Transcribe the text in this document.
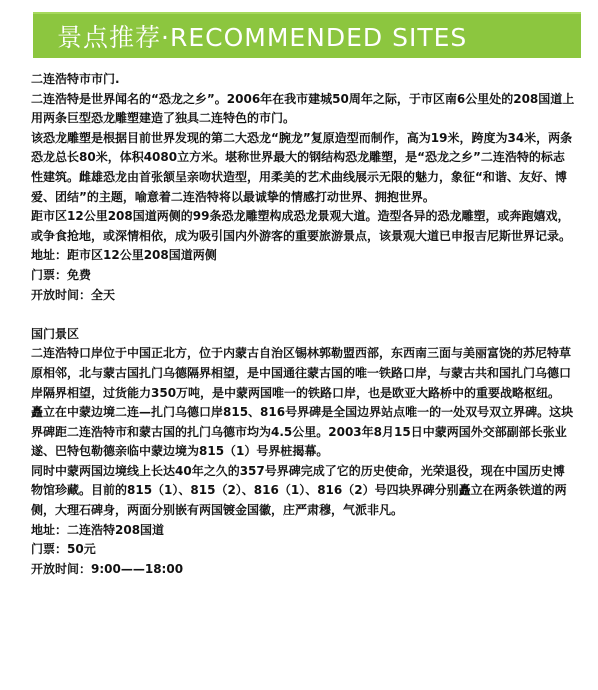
景点推荐·RECOMMENDED SITES

二连浩特市市门.

二连浩特是世界闻名的“恐龙之乡”。2006年在我市建城50周年之际，于市区南6公里处的208国道上用两条巨型恐龙雕塑建造了独具二连特色的市门。

该恐龙雕塑是根据目前世界发现的第二大恐龙“腕龙”复原造型而制作，高为19米，跨度为34米，两条恐龙总长80米，体积4080立方米。堪称世界最大的钢结构恐龙雕塑，是“恐龙之乡”二连浩特的标志性建筑。雌雄恐龙由首张颔呈亲吻状造型，用柔美的艺术曲线展示无限的魅力，象征“和谐、友好、博爱、团结”的主题，喻意着二连浩特将以最诚挚的情感打动世界、拥抱世界。

距市区12公里208国道两侧的99条恐龙雕塑构成恐龙景观大道。造型各异的恐龙雕塑，或奔跑嬉戏，或争食抢地，或深情相依，成为吸引国内外游客的重要旅游景点，该景观大道已申报吉尼斯世界记录。

地址：距市区12公里208国道两侧

门票：免费

开放时间：全天

国门景区

二连浩特口岸位于中国正北方，位于内蒙古自治区锡林郭勒盟西部，东西南三面与美丽富饶的苏尼特草原相邻，北与蒙古国扎门乌德隔界相望，是中国通往蒙古国的唯一铁路口岸，与蒙古共和国扎门乌德口岸隔界相望，过货能力350万吨，是中蒙两国唯一的铁路口岸，也是欧亚大路桥中的重要战略枢纽。

矗立在中蒙边境二连—扎门乌德口岸815、816号界碑是全国边界站点唯一的一处双号双立界碑。这块界碑距二连浩特市和蒙古国的扎门乌德市均为4.5公里。2003年8月15日中蒙两国外交部副部长张业遂、巴特包勒德亲临中蒙边境为815（1）号界桩揭幕。

同时中蒙两国边境线上长达40年之久的357号界碑完成了它的历史使命，光荣退役，现在中国历史博物馆珍藏。目前的815（1）、815（2）、816（1）、816（2）号四块界碑分别矗立在两条铁道的两侧，大理石碑身，两面分别嵌有两国镀金国徽，庄严肃穆，气派非凡。

地址：二连浩特208国道

门票：50元

开放时间：9:00——18:00
